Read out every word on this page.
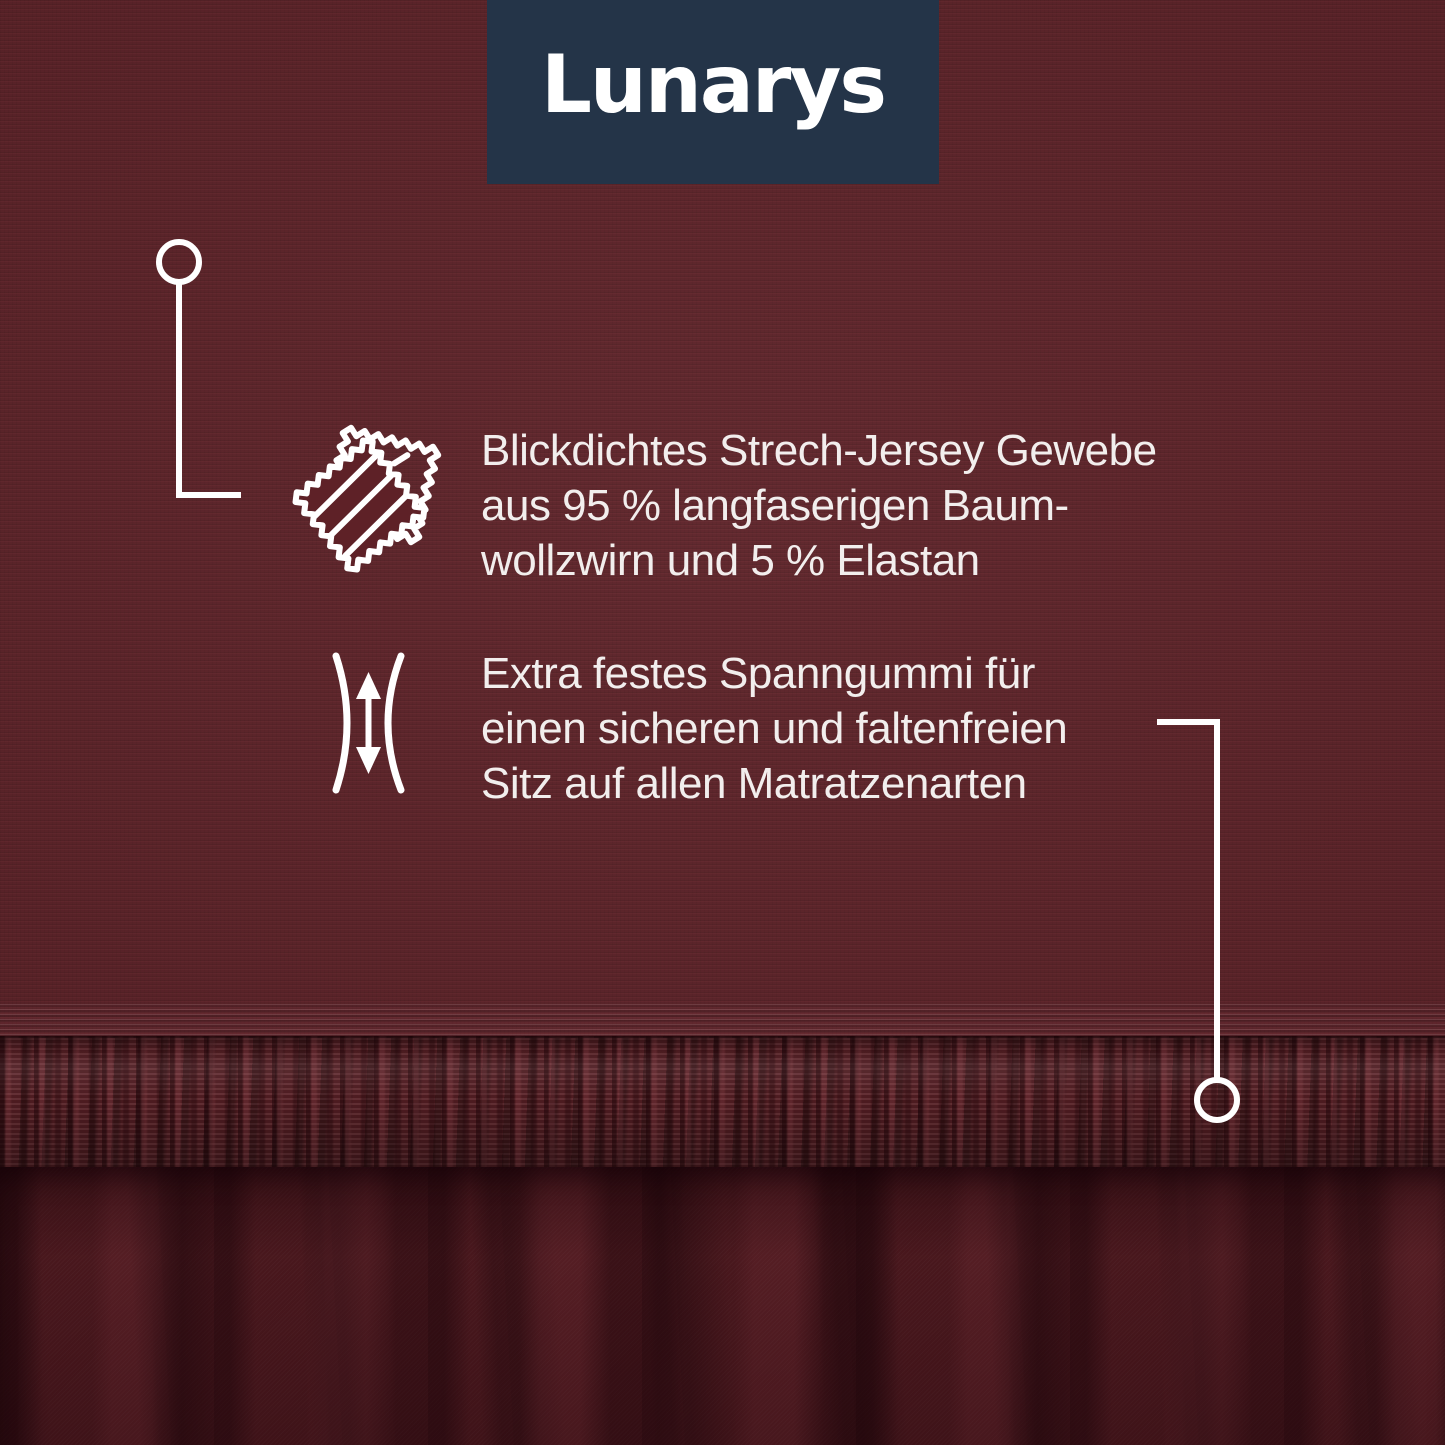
Lunarys
Blickdichtes Strech-Jersey Gewebe
aus 95 % langfaserigen Baum-
wollzwirn und 5 % Elastan
Extra festes Spanngummi für
einen sicheren und faltenfreien
Sitz auf allen Matratzenarten
